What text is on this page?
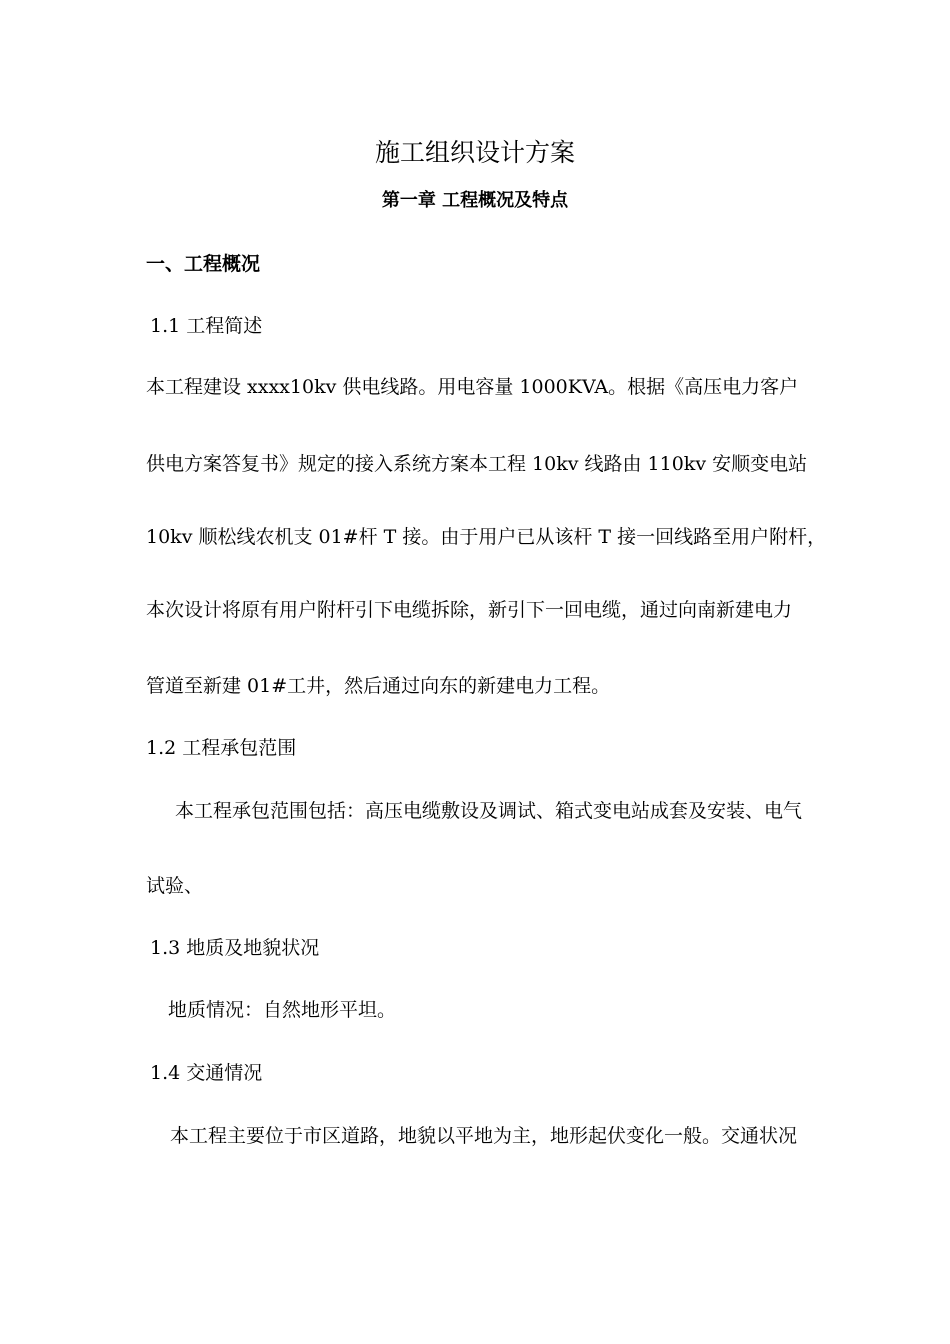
施工组织设计方案
第一章 工程概况及特点
一、工程概况
1.1 工程简述
本工程建设 xxxx10kv 供电线路。用电容量 1000KVA。根据《高压电力客户
供电方案答复书》规定的接入系统方案本工程 10kv 线路由 110kv 安顺变电站
10kv 顺松线农机支 01#杆 T 接。由于用户已从该杆 T 接一回线路至用户附杆，
本次设计将原有用户附杆引下电缆拆除，新引下一回电缆，通过向南新建电力
管道至新建 01#工井，然后通过向东的新建电力工程。
1.2 工程承包范围
本工程承包范围包括：高压电缆敷设及调试、箱式变电站成套及安装、电气
试验、
1.3 地质及地貌状况
地质情况：自然地形平坦。
1.4 交通情况
本工程主要位于市区道路，地貌以平地为主，地形起伏变化一般。交通状况
